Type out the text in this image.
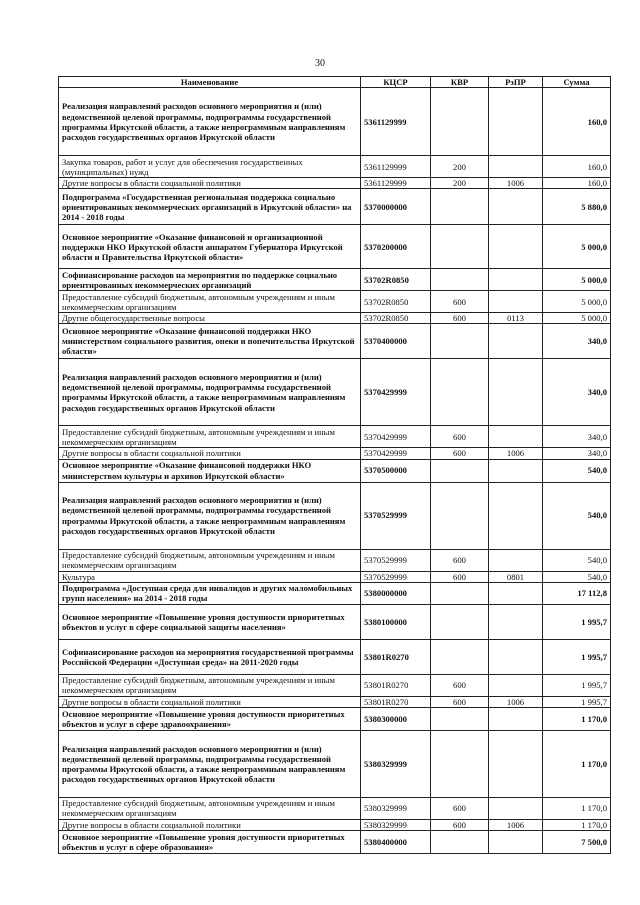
30
Наименование	КЦСР	КВР	РзПР	Сумма
Реализация направлений расходов основного мероприятия и (или) ведомственной целевой программы, подпрограммы государственной программы Иркутской области, а также непрограммным направлениям расходов государственных органов Иркутской области	5361129999			160,0
Закупка товаров, работ и услуг для обеспечения государственных (муниципальных) нужд	5361129999	200		160,0
Другие вопросы в области социальной политики	5361129999	200	1006	160,0
Подпрограмма «Государственная региональная поддержка социально ориентированных некоммерческих организаций в Иркутской области» на 2014 - 2018 годы	5370000000			5 880,0
Основное мероприятие «Оказание финансовой и организационной поддержки НКО Иркутской области аппаратом Губернатора Иркутской области и Правительства Иркутской области»	5370200000			5 000,0
Софинансирование расходов на мероприятия по поддержке социально ориентированных некоммерческих организаций	53702R0850			5 000,0
Предоставление субсидий бюджетным, автономным учреждениям и иным некоммерческим организациям	53702R0850	600		5 000,0
Другие общегосударственные вопросы	53702R0850	600	0113	5 000,0
Основное мероприятие «Оказание финансовой поддержки НКО министерством социального развития, опеки и попечительства Иркутской области»	5370400000			340,0
Реализация направлений расходов основного мероприятия и (или) ведомственной целевой программы, подпрограммы государственной программы Иркутской области, а также непрограммным направлениям расходов государственных органов Иркутской области	5370429999			340,0
Предоставление субсидий бюджетным, автономным учреждениям и иным некоммерческим организациям	5370429999	600		340,0
Другие вопросы в области социальной политики	5370429999	600	1006	340,0
Основное мероприятие «Оказание финансовой поддержки НКО министерством культуры и архивов Иркутской области»	5370500000			540,0
Реализация направлений расходов основного мероприятия и (или) ведомственной целевой программы, подпрограммы государственной программы Иркутской области, а также непрограммным направлениям расходов государственных органов Иркутской области	5370529999			540,0
Предоставление субсидий бюджетным, автономным учреждениям и иным некоммерческим организациям	5370529999	600		540,0
Культура	5370529999	600	0801	540,0
Подпрограмма «Доступная среда для инвалидов и других маломобильных групп населения» на 2014 - 2018 годы	5380000000			17 112,8
Основное мероприятие «Повышение уровня доступности приоритетных объектов и услуг в сфере социальной защиты населения»	5380100000			1 995,7
Софинансирование расходов на мероприятия государственной программы Российской Федерации «Доступная среда» на 2011-2020 годы	53801R0270			1 995,7
Предоставление субсидий бюджетным, автономным учреждениям и иным некоммерческим организациям	53801R0270	600		1 995,7
Другие вопросы в области социальной политики	53801R0270	600	1006	1 995,7
Основное мероприятие «Повышение уровня доступности приоритетных объектов и услуг в сфере здравоохранения»	5380300000			1 170,0
Реализация направлений расходов основного мероприятия и (или) ведомственной целевой программы, подпрограммы государственной программы Иркутской области, а также непрограммным направлениям расходов государственных органов Иркутской области	5380329999			1 170,0
Предоставление субсидий бюджетным, автономным учреждениям и иным некоммерческим организациям	5380329999	600		1 170,0
Другие вопросы в области социальной политики	5380329999	600	1006	1 170,0
Основное мероприятие «Повышение уровня доступности приоритетных объектов и услуг в сфере образования»	5380400000			7 500,0
